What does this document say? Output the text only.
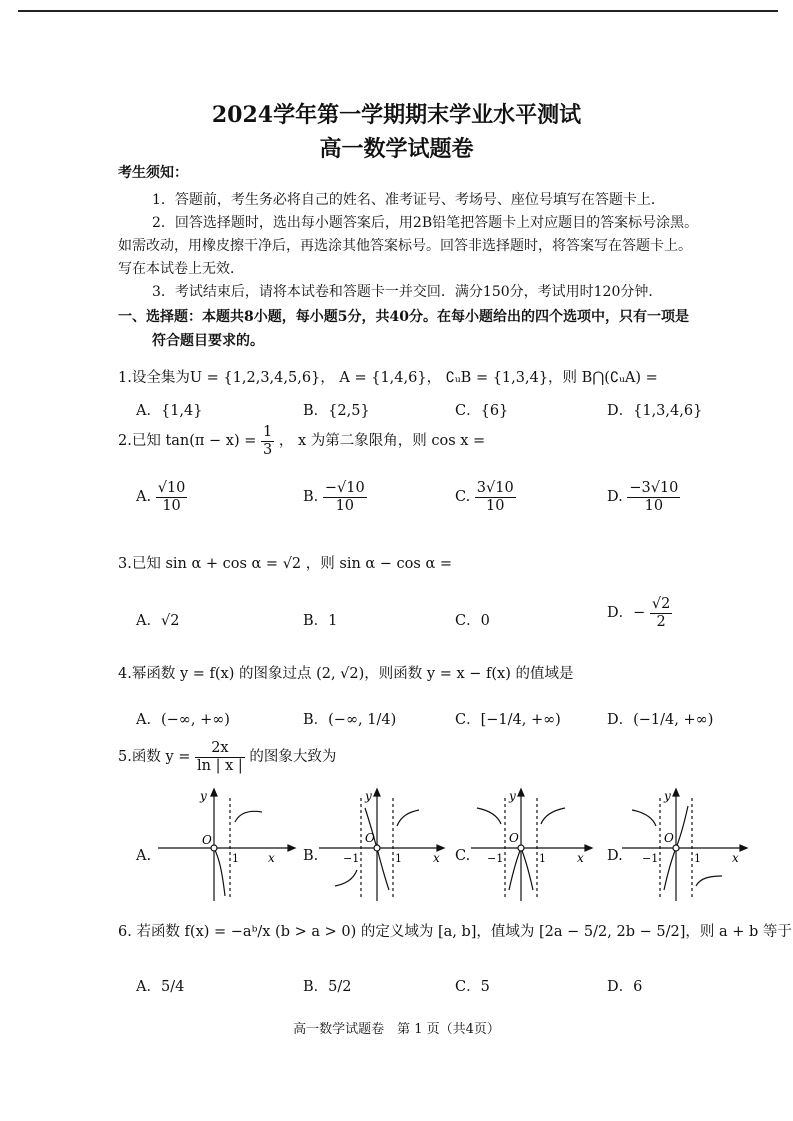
2024学年第一学期期末学业水平测试
高一数学试题卷
考生须知：
1．答题前，考生务必将自己的姓名、准考证号、考场号、座位号填写在答题卡上．
2．回答选择题时，选出每小题答案后，用2B铅笔把答题卡上对应题目的答案标号涂黑。
如需改动，用橡皮擦干净后，再选涂其他答案标号。回答非选择题时，将答案写在答题卡上。
写在本试卷上无效．
3．考试结束后，请将本试卷和答题卡一并交回．满分150分，考试用时120分钟．
一、选择题：本题共8小题，每小题5分，共40分。在每小题给出的四个选项中，只有一项是
符合题目要求的。
1.设全集为U = {1,2,3,4,5,6}， A = {1,4,6}， ∁ᵤB = {1,3,4}，则 B⋂(∁ᵤA) =
A．{1,4}	B．{2,5}	C．{6}	D．{1,3,4,6}
2.已知 $\tan(\pi - x) = \frac{1}{3}$ ， x 为第二象限角，则 cos x =
A. $\frac{√10}{10}$	B. $\frac{-√10}{10}$	C. $\frac{3√10}{10}$	D. $\frac{-3√10}{10}$
3.已知 sin α + cos α = √2 ，则 sin α − cos α =
A．√2	B．1	C．0	D．− $\frac{√2}{2}$
4.幂函数 y = f(x) 的图象过点 (2, √2)，则函数 y = x − f(x) 的值域是
A．(−∞, +∞)	B．(−∞, 1/4)	C．[−1/4, +∞)	D．(−1/4, +∞)
5.函数 $y = \frac{2x}{\ln | x |}$ 的图象大致为
A.	B.	C.	D.
O
y
x
1
O
y
x
1
−1
O
y
x
1
−1
O
y
x
1
−1
6. 若函数 f(x) = −aᵇ/x (b > a > 0) 的定义域为 [a, b]，值域为 [2a − 5/2, 2b − 5/2]，则 a + b 等于
A．5/4	B．5/2	C．5	D．6
高一数学试题卷　第 1 页（共4页）
